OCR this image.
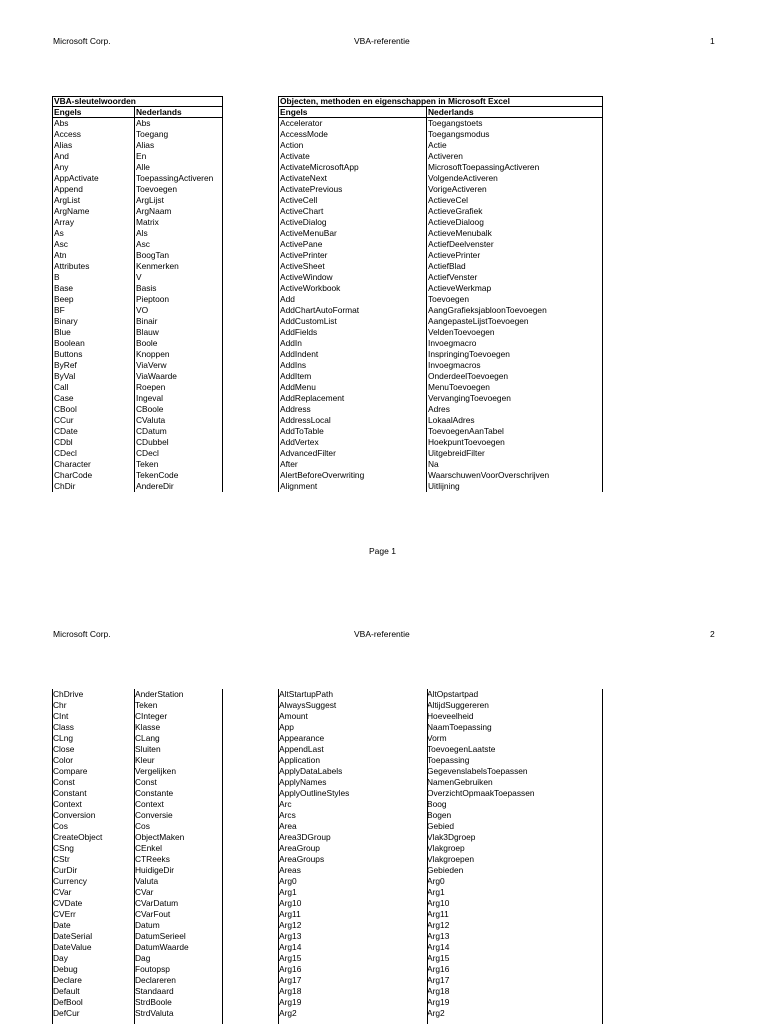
Microsoft Corp.	VBA-referentie	1
VBA-sleutelwoorden
Engels	Nederlands
Abs	Abs
Access	Toegang
Alias	Alias
And	En
Any	Alle
AppActivate	ToepassingActiveren
Append	Toevoegen
ArgList	ArgLijst
ArgName	ArgNaam
Array	Matrix
As	Als
Asc	Asc
Atn	BoogTan
Attributes	Kenmerken
B	V
Base	Basis
Beep	Pieptoon
BF	VO
Binary	Binair
Blue	Blauw
Boolean	Boole
Buttons	Knoppen
ByRef	ViaVerw
ByVal	ViaWaarde
Call	Roepen
Case	Ingeval
CBool	CBoole
CCur	CValuta
CDate	CDatum
CDbl	CDubbel
CDecl	CDecl
Character	Teken
CharCode	TekenCode
ChDir	AndereDir
Objecten, methoden en eigenschappen in Microsoft Excel
Engels	Nederlands
Accelerator	Toegangstoets
AccessMode	Toegangsmodus
Action	Actie
Activate	Activeren
ActivateMicrosoftApp	MicrosoftToepassingActiveren
ActivateNext	VolgendeActiveren
ActivatePrevious	VorigeActiveren
ActiveCell	ActieveCel
ActiveChart	ActieveGrafiek
ActiveDialog	ActieveDialoog
ActiveMenuBar	ActieveMenubalk
ActivePane	ActiefDeelvenster
ActivePrinter	ActievePrinter
ActiveSheet	ActiefBlad
ActiveWindow	ActiefVenster
ActiveWorkbook	ActieveWerkmap
Add	Toevoegen
AddChartAutoFormat	AangGrafieksjabloonToevoegen
AddCustomList	AangepasteLijstToevoegen
AddFields	VeldenToevoegen
AddIn	Invoegmacro
AddIndent	InspringingToevoegen
AddIns	Invoegmacros
AddItem	OnderdeelToevoegen
AddMenu	MenuToevoegen
AddReplacement	VervangingToevoegen
Address	Adres
AddressLocal	LokaalAdres
AddToTable	ToevoegenAanTabel
AddVertex	HoekpuntToevoegen
AdvancedFilter	UitgebreidFilter
After	Na
AlertBeforeOverwriting	WaarschuwenVoorOverschrijven
Alignment	Uitlijning
Page 1
Microsoft Corp.	VBA-referentie	2
ChDrive	AnderStation
Chr	Teken
CInt	CInteger
Class	Klasse
CLng	CLang
Close	Sluiten
Color	Kleur
Compare	Vergelijken
Const	Const
Constant	Constante
Context	Context
Conversion	Conversie
Cos	Cos
CreateObject	ObjectMaken
CSng	CEnkel
CStr	CTReeks
CurDir	HuidigeDir
Currency	Valuta
CVar	CVar
CVDate	CVarDatum
CVErr	CVarFout
Date	Datum
DateSerial	DatumSerieel
DateValue	DatumWaarde
Day	Dag
Debug	Foutopsp
Declare	Declareren
Default	Standaard
DefBool	StrdBoole
DefCur	StrdValuta
AltStartupPath	AltOpstartpad
AlwaysSuggest	AltijdSuggereren
Amount	Hoeveelheid
App	NaamToepassing
Appearance	Vorm
AppendLast	ToevoegenLaatste
Application	Toepassing
ApplyDataLabels	GegevenslabelsToepassen
ApplyNames	NamenGebruiken
ApplyOutlineStyles	OverzichtOpmaakToepassen
Arc	Boog
Arcs	Bogen
Area	Gebied
Area3DGroup	Vlak3Dgroep
AreaGroup	Vlakgroep
AreaGroups	Vlakgroepen
Areas	Gebieden
Arg0	Arg0
Arg1	Arg1
Arg10	Arg10
Arg11	Arg11
Arg12	Arg12
Arg13	Arg13
Arg14	Arg14
Arg15	Arg15
Arg16	Arg16
Arg17	Arg17
Arg18	Arg18
Arg19	Arg19
Arg2	Arg2
